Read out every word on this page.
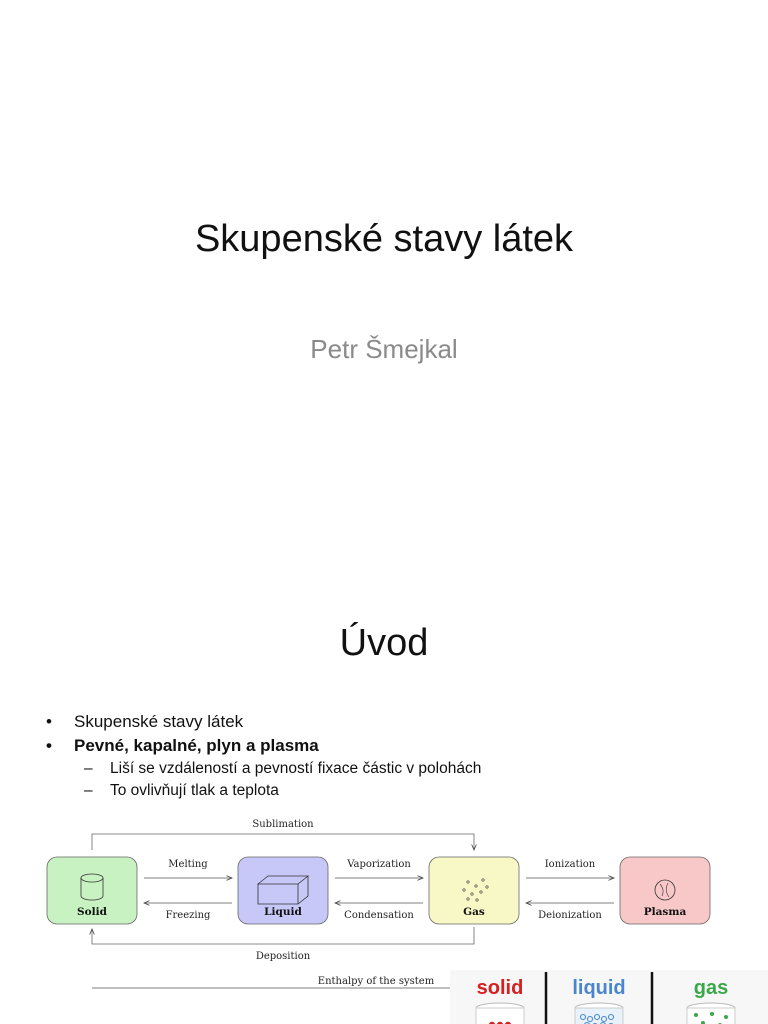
Skupenské stavy látek

Petr Šmejkal

Úvod
• Skupenské stavy látek
• Pevné, kapalné, plyn a plasma
– Liší se vzdáleností a pevností fixace částic v polohách
– To ovlivňují tlak a teplota
Sublimation
Deposition
Solid	Liquid	Gas	Plasma
Melting	Vaporization	Ionization
Freezing	Condensation	Deionization
Enthalpy of the system solid liquid	gas
